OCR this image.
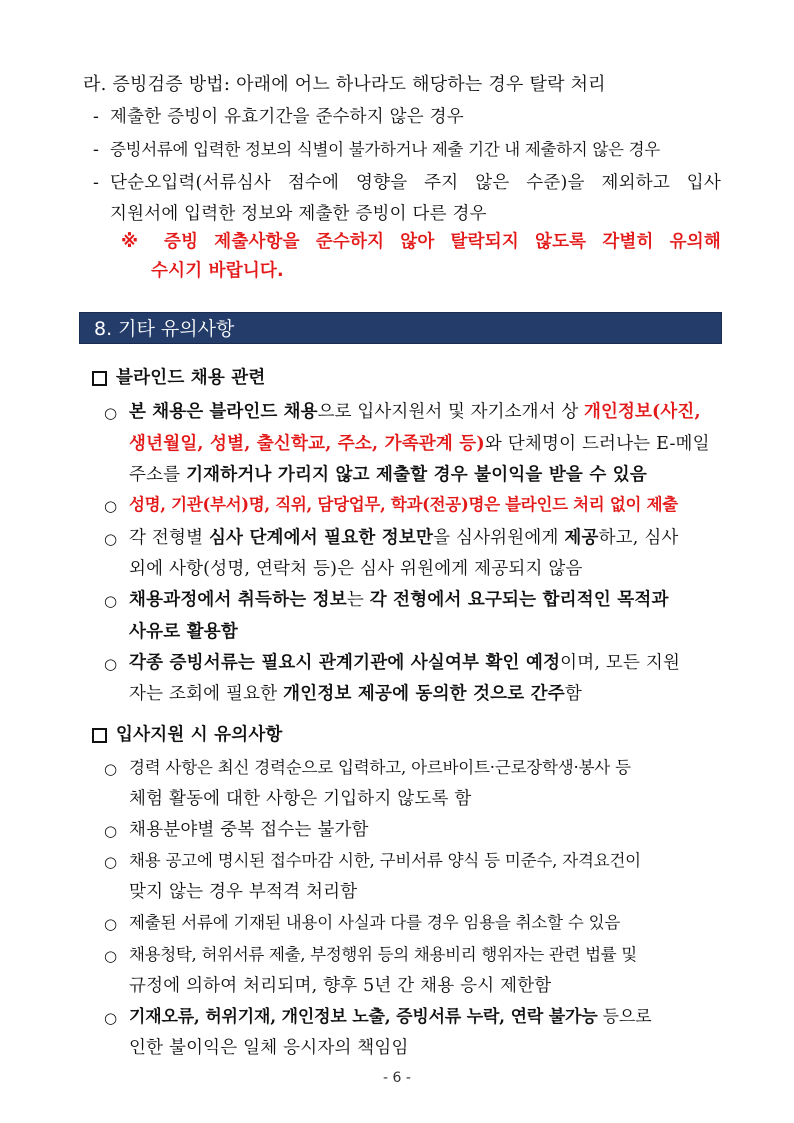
라. 증빙검증 방법: 아래에 어느 하나라도 해당하는 경우 탈락 처리
- 제출한 증빙이 유효기간을 준수하지 않은 경우
- 증빙서류에 입력한 정보의 식별이 불가하거나 제출 기간 내 제출하지 않은 경우
- 단순오입력(서류심사 점수에 영향을 주지 않은 수준)을 제외하고 입사
지원서에 입력한 정보와 제출한 증빙이 다른 경우
※ 증빙 제출사항을 준수하지 않아 탈락되지 않도록 각별히 유의해
수시기 바랍니다.
8. 기타 유의사항
블라인드 채용 관련
○ 본 채용은 블라인드 채용으로 입사지원서 및 자기소개서 상 개인정보(사진,
생년월일, 성별, 출신학교, 주소, 가족관계 등)와 단체명이 드러나는 E-메일
주소를 기재하거나 가리지 않고 제출할 경우 불이익을 받을 수 있음
○ 성명, 기관(부서)명, 직위, 담당업무, 학과(전공)명은 블라인드 처리 없이 제출
○ 각 전형별 심사 단계에서 필요한 정보만을 심사위원에게 제공하고, 심사
외에 사항(성명, 연락처 등)은 심사 위원에게 제공되지 않음
○ 채용과정에서 취득하는 정보는 각 전형에서 요구되는 합리적인 목적과
사유로 활용함
○ 각종 증빙서류는 필요시 관계기관에 사실여부 확인 예정이며, 모든 지원
자는 조회에 필요한 개인정보 제공에 동의한 것으로 간주함
입사지원 시 유의사항
○ 경력 사항은 최신 경력순으로 입력하고, 아르바이트·근로장학생·봉사 등
체험 활동에 대한 사항은 기입하지 않도록 함
○ 채용분야별 중복 접수는 불가함
○ 채용 공고에 명시된 접수마감 시한, 구비서류 양식 등 미준수, 자격요건이
맞지 않는 경우 부적격 처리함
○ 제출된 서류에 기재된 내용이 사실과 다를 경우 임용을 취소할 수 있음
○ 채용청탁, 허위서류 제출, 부정행위 등의 채용비리 행위자는 관련 법률 및
규정에 의하여 처리되며, 향후 5년 간 채용 응시 제한함
○ 기재오류, 허위기재, 개인정보 노출, 증빙서류 누락, 연락 불가능 등으로
인한 불이익은 일체 응시자의 책임임
- 6 -
